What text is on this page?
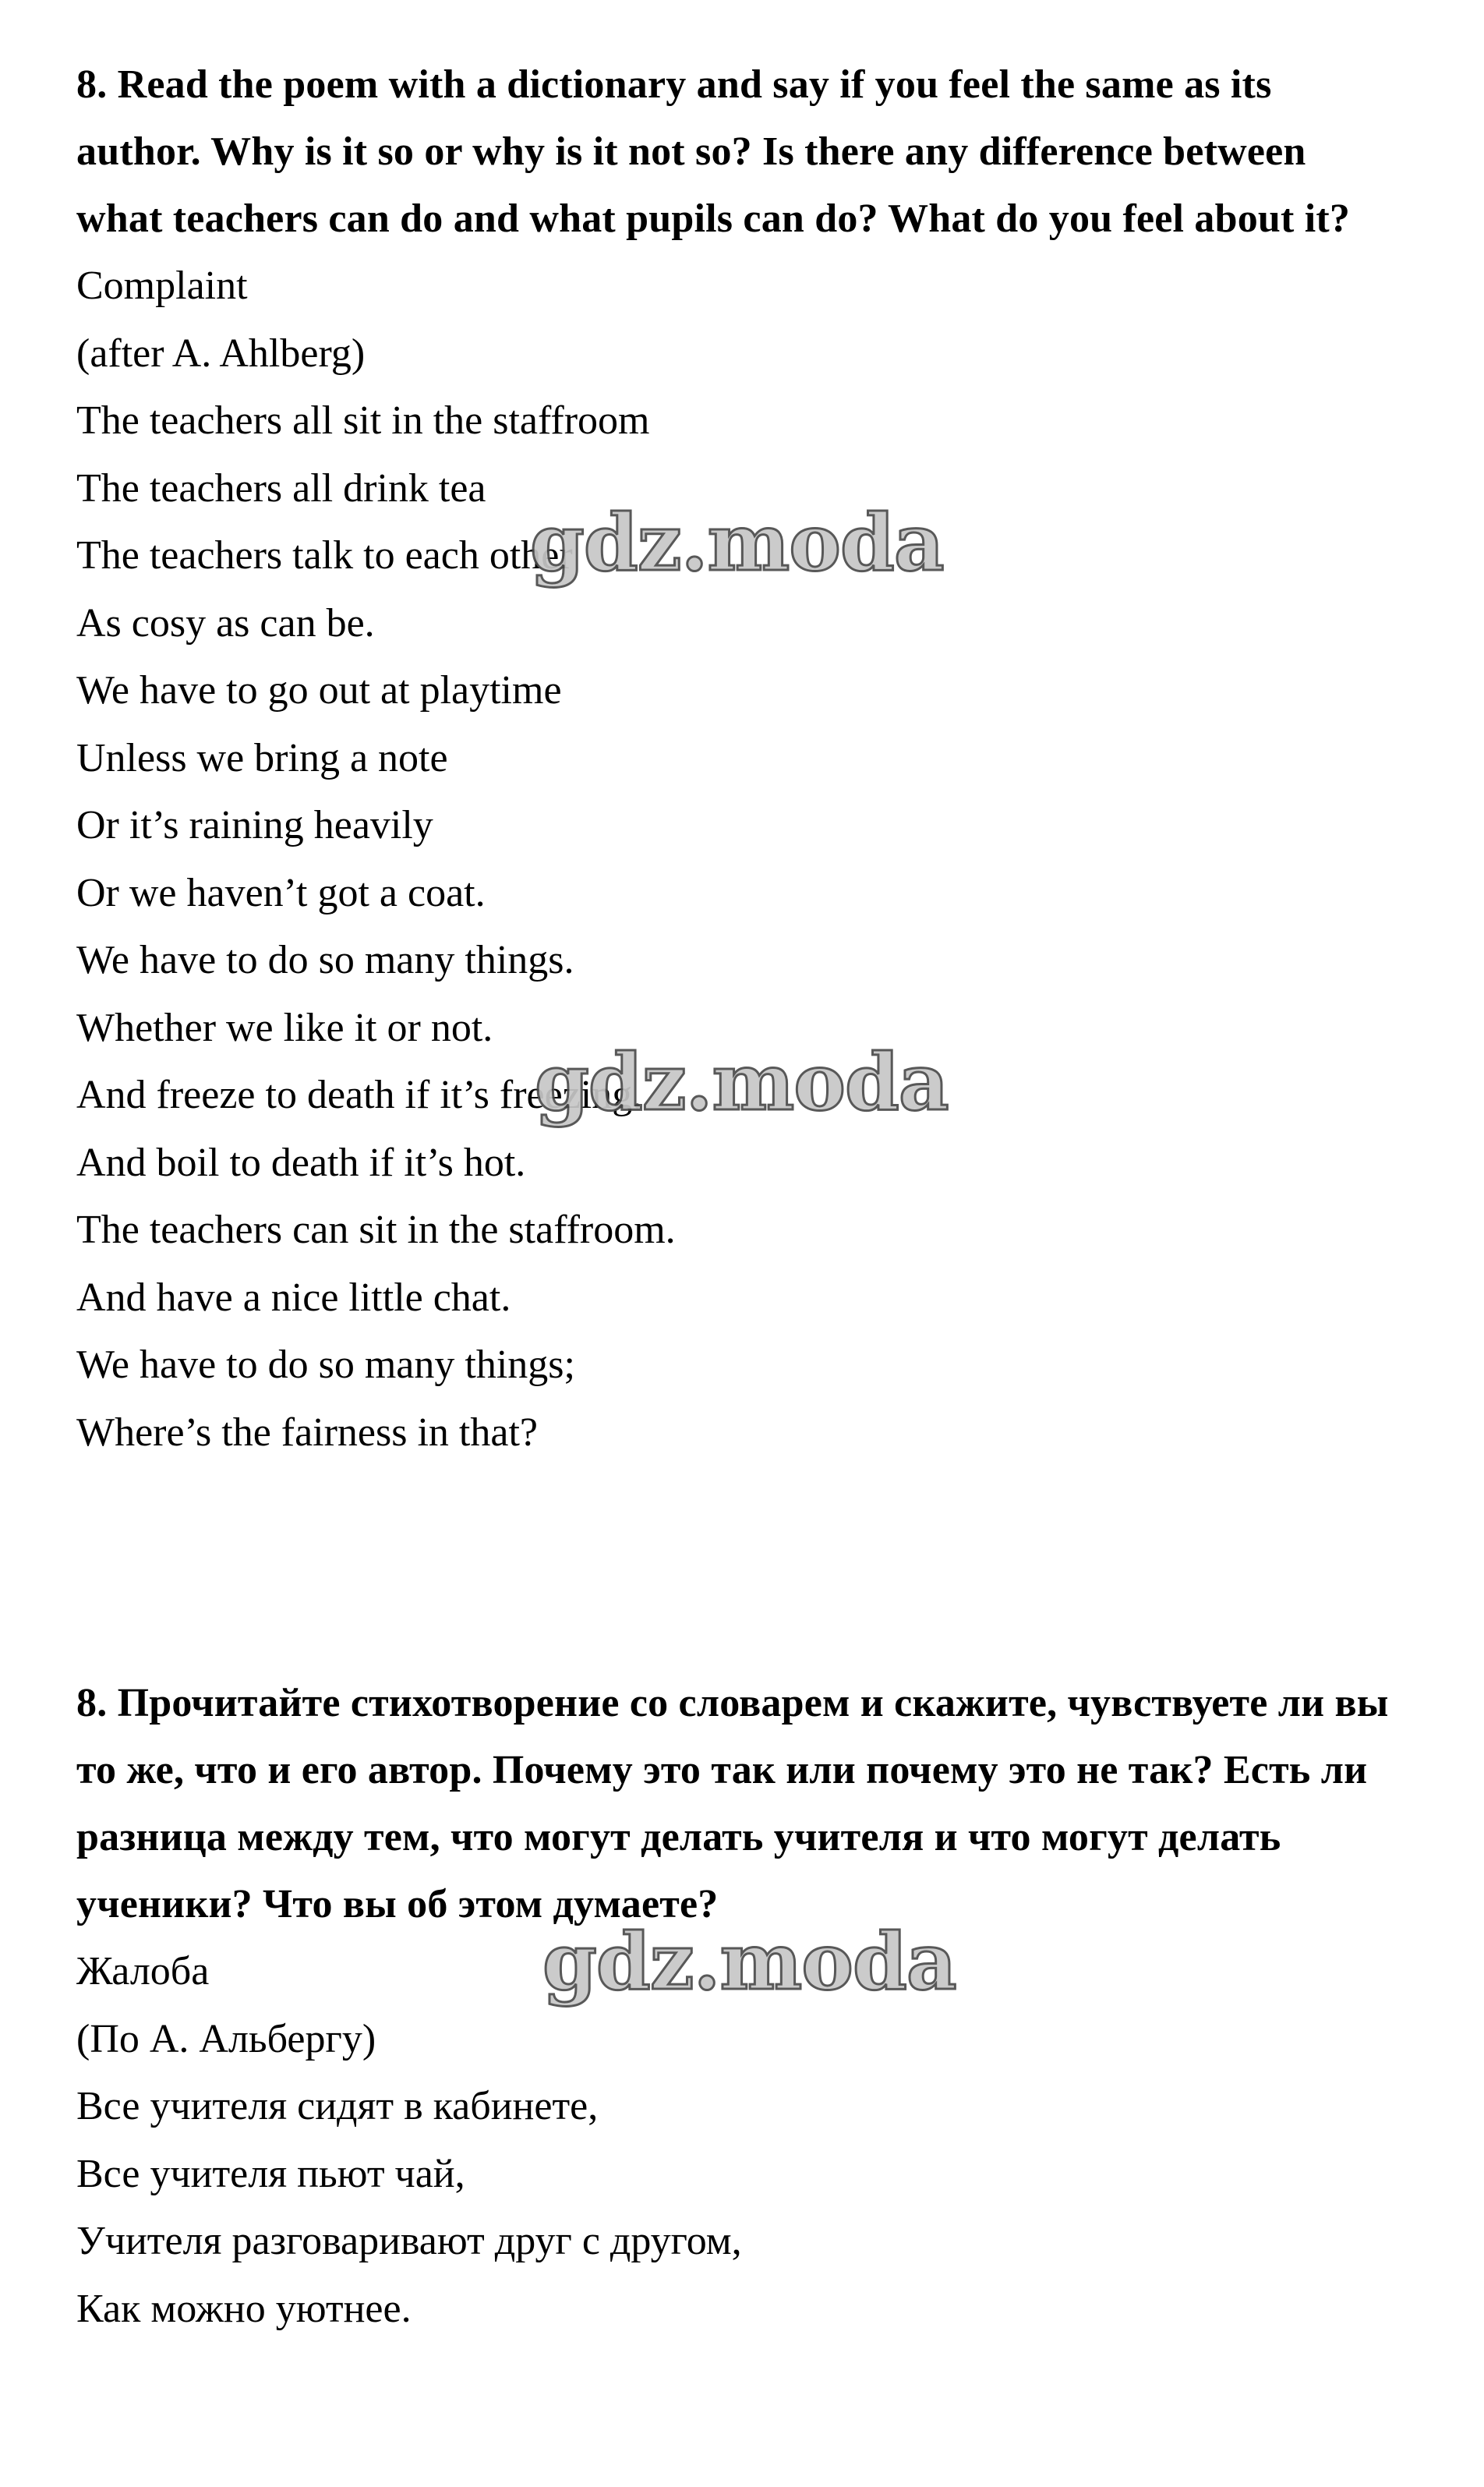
8. Read the poem with a dictionary and say if you feel the same as its author. Why is it so or why is it not so? Is there any difference between what teachers can do and what pupils can do? What do you feel about it?

Complaint

(after A. Ahlberg)

The teachers all sit in the staffroom

The teachers all drink tea

The teachers talk to each other

As cosy as can be.

We have to go out at playtime

Unless we bring a note

Or it’s raining heavily

Or we haven’t got a coat.

We have to do so many things.

Whether we like it or not.

And freeze to death if it’s freezing.

And boil to death if it’s hot.

The teachers can sit in the staffroom.

And have a nice little chat.

We have to do so many things;

Where’s the fairness in that?

8. Прочитайте стихотворение со словарем и скажите, чувствуете ли вы то же, что и его автор. Почему это так или почему это не так? Есть ли разница между тем, что могут делать учителя и что могут делать ученики? Что вы об этом думаете?

Жалоба

(По А. Альбергу)

Все учителя сидят в кабинете,

Все учителя пьют чай,

Учителя разговаривают друг с другом,

Как можно уютнее.

gdz.moda
gdz.moda
gdz.moda
